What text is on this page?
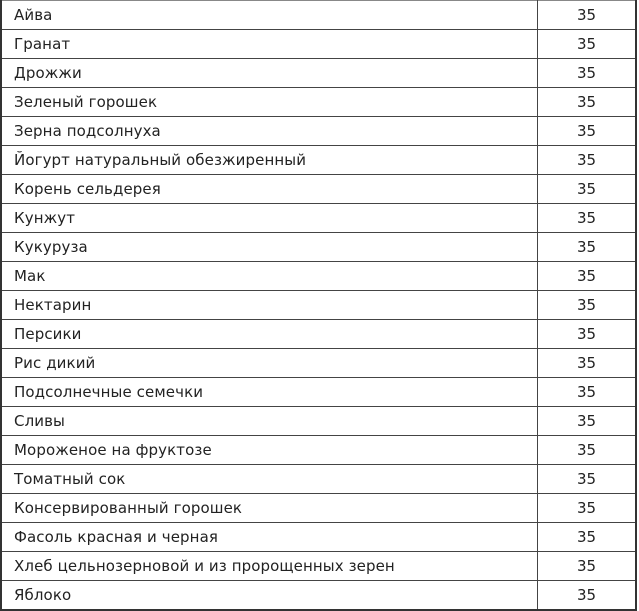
Айва	35
Гранат	35
Дрожжи	35
Зеленый горошек	35
Зерна подсолнуха	35
Йогурт натуральный обезжиренный	35
Корень сельдерея	35
Кунжут	35
Кукуруза	35
Мак	35
Нектарин	35
Персики	35
Рис дикий	35
Подсолнечные семечки	35
Сливы	35
Мороженое на фруктозе	35
Томатный сок	35
Консервированный горошек	35
Фасоль красная и черная	35
Хлеб цельнозерновой и из пророщенных зерен	35
Яблоко	35
